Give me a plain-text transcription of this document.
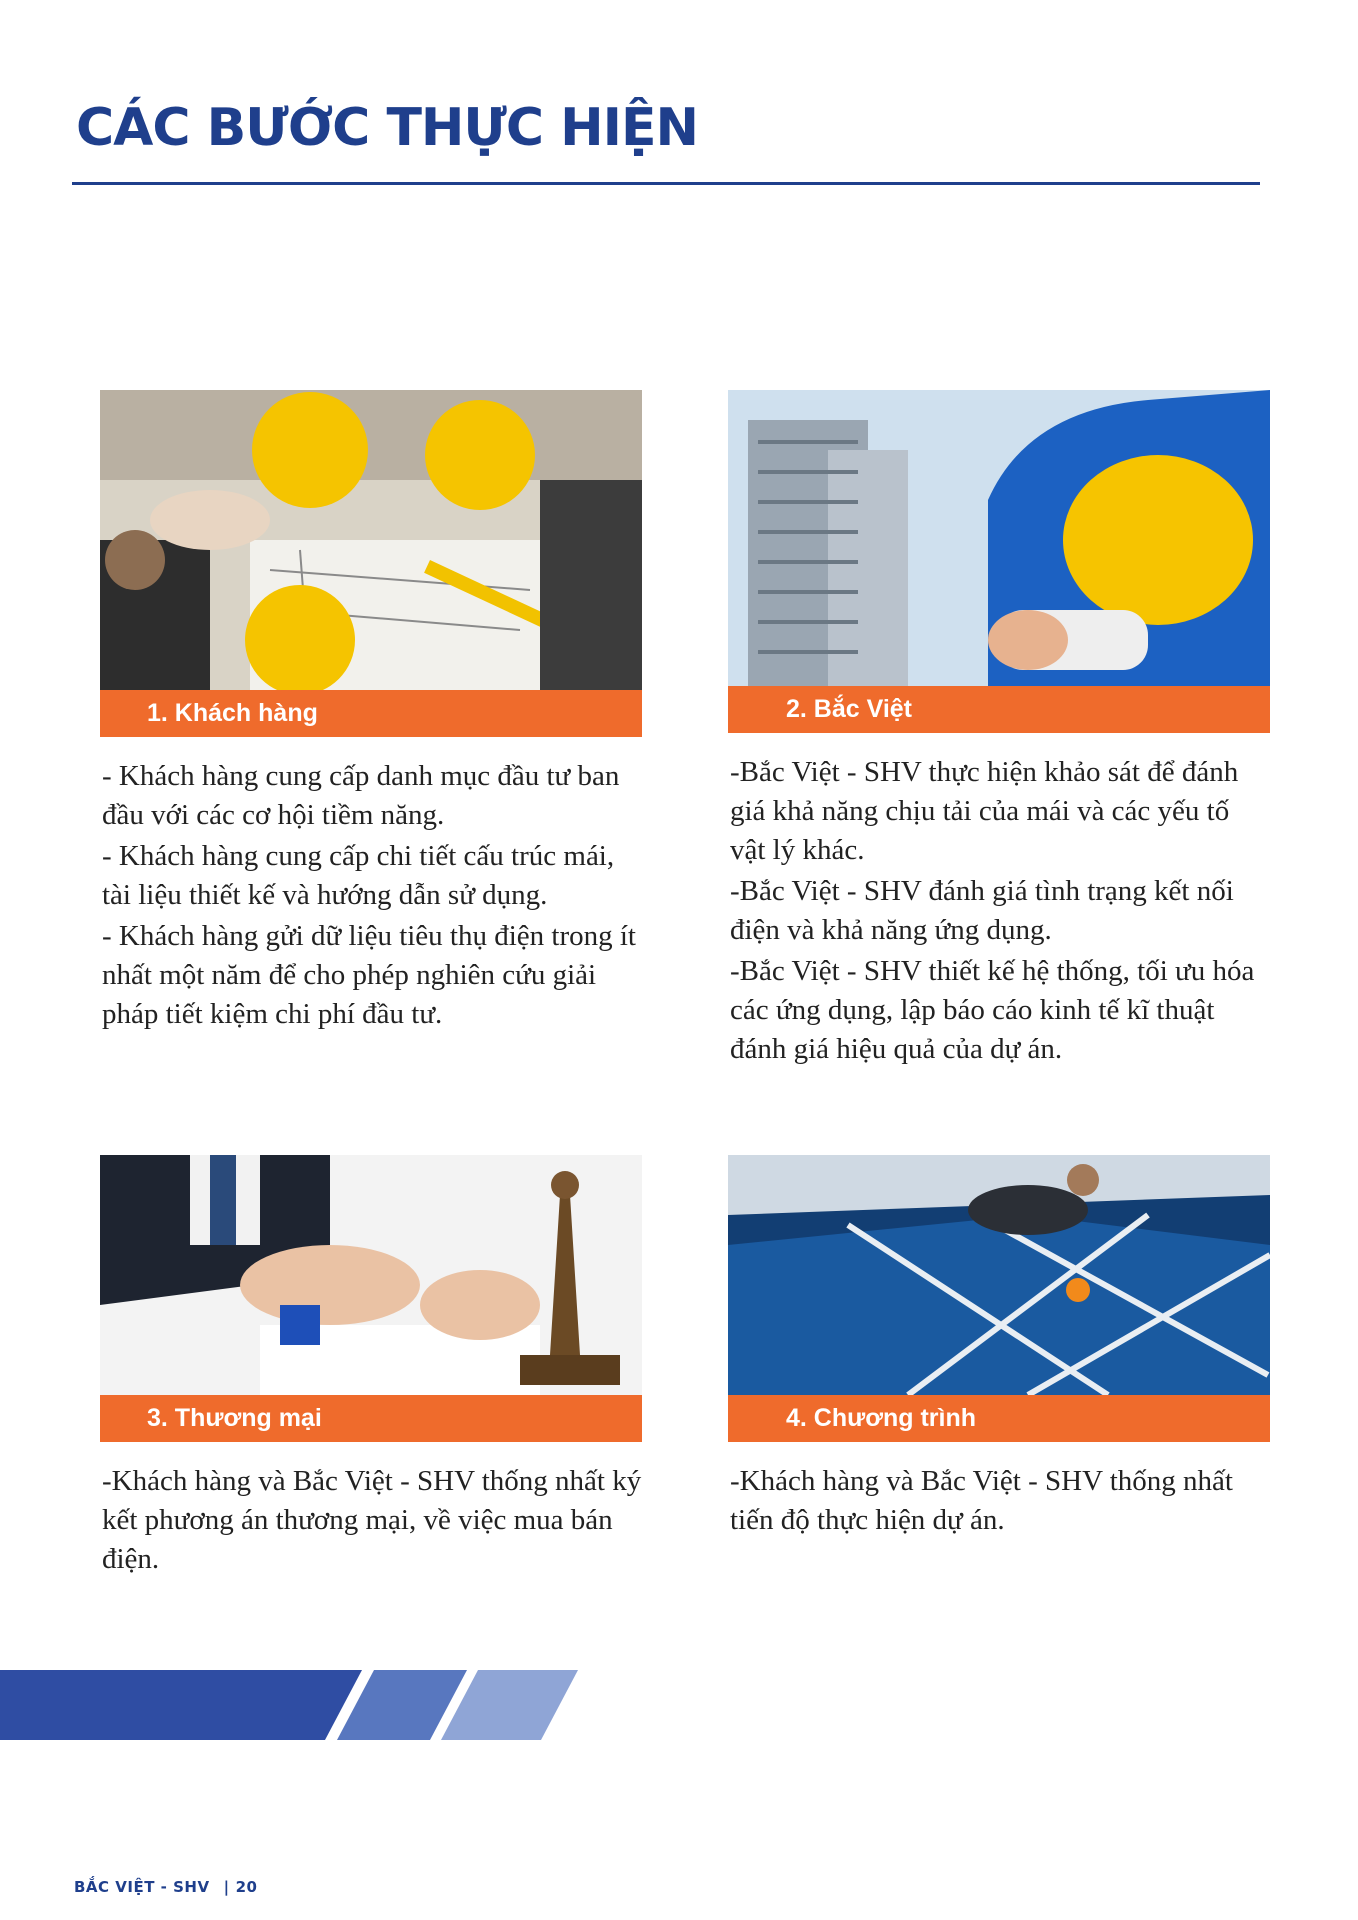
CÁC BƯỚC THỰC HIỆN
1. Khách hàng

- Khách hàng cung cấp danh mục đầu tư ban đầu với các cơ hội tiềm năng.

- Khách hàng cung cấp chi tiết cấu trúc mái, tài liệu thiết kế và hướng dẫn sử dụng.

- Khách hàng gửi dữ liệu tiêu thụ điện trong ít nhất một năm để cho phép nghiên cứu giải pháp tiết kiệm chi phí đầu tư.

2. Bắc Việt

-Bắc Việt - SHV thực hiện khảo sát để đánh giá khả năng chịu tải của mái và các yếu tố vật lý khác.

-Bắc Việt - SHV đánh giá tình trạng kết nối điện và khả năng ứng dụng.

-Bắc Việt - SHV thiết kế hệ thống, tối ưu hóa các ứng dụng, lập báo cáo kinh tế kĩ thuật đánh giá hiệu quả của dự án.

3. Thương mại

-Khách hàng và Bắc Việt - SHV thống nhất ký kết phương án thương mại, về việc mua bán điện.

4. Chương trình

-Khách hàng và Bắc Việt - SHV thống nhất tiến độ thực hiện dự án.

BẮC VIỆT - SHV | 20
